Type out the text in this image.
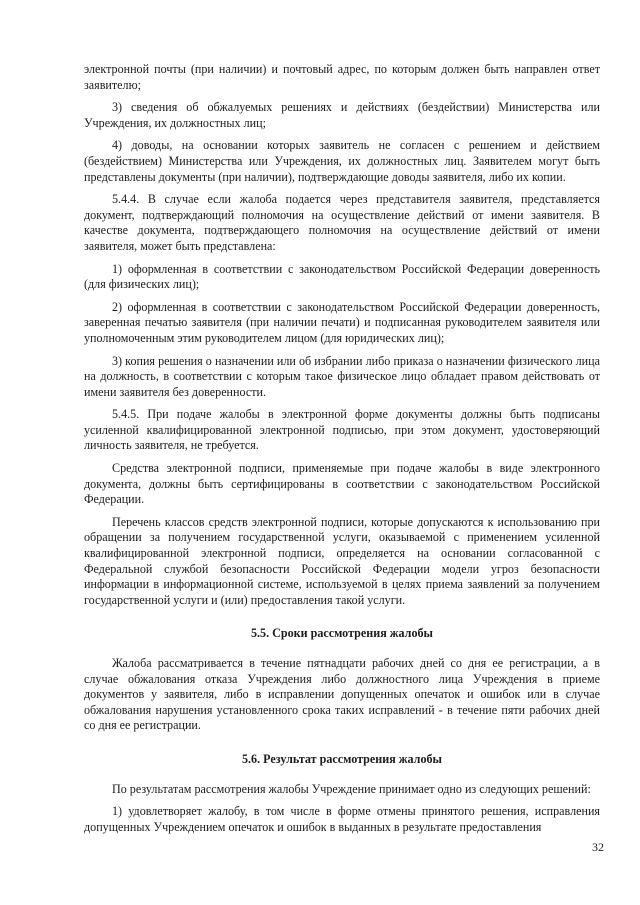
электронной почты (при наличии) и почтовый адрес, по которым должен быть направлен ответ заявителю;

3) сведения об обжалуемых решениях и действиях (бездействии) Министерства или Учреждения, их должностных лиц;

4) доводы, на основании которых заявитель не согласен с решением и действием (бездействием) Министерства или Учреждения, их должностных лиц. Заявителем могут быть представлены документы (при наличии), подтверждающие доводы заявителя, либо их копии.

5.4.4. В случае если жалоба подается через представителя заявителя, представляется документ, подтверждающий полномочия на осуществление действий от имени заявителя. В качестве документа, подтверждающего полномочия на осуществление действий от имени заявителя, может быть представлена:

1) оформленная в соответствии с законодательством Российской Федерации доверенность (для физических лиц);

2) оформленная в соответствии с законодательством Российской Федерации доверенность, заверенная печатью заявителя (при наличии печати) и подписанная руководителем заявителя или уполномоченным этим руководителем лицом (для юридических лиц);

3) копия решения о назначении или об избрании либо приказа о назначении физического лица на должность, в соответствии с которым такое физическое лицо обладает правом действовать от имени заявителя без доверенности.

5.4.5. При подаче жалобы в электронной форме документы должны быть подписаны усиленной квалифицированной электронной подписью, при этом документ, удостоверяющий личность заявителя, не требуется.

Средства электронной подписи, применяемые при подаче жалобы в виде электронного документа, должны быть сертифицированы в соответствии с законодательством Российской Федерации.

Перечень классов средств электронной подписи, которые допускаются к использованию при обращении за получением государственной услуги, оказываемой с применением усиленной квалифицированной электронной подписи, определяется на основании согласованной с Федеральной службой безопасности Российской Федерации модели угроз безопасности информации в информационной системе, используемой в целях приема заявлений за получением государственной услуги и (или) предоставления такой услуги.

5.5. Сроки рассмотрения жалобы

Жалоба рассматривается в течение пятнадцати рабочих дней со дня ее регистрации, а в случае обжалования отказа Учреждения либо должностного лица Учреждения в приеме документов у заявителя, либо в исправлении допущенных опечаток и ошибок или в случае обжалования нарушения установленного срока таких исправлений - в течение пяти рабочих дней со дня ее регистрации.

5.6. Результат рассмотрения жалобы

По результатам рассмотрения жалобы Учреждение принимает одно из следующих решений:

1) удовлетворяет жалобу, в том числе в форме отмены принятого решения, исправления допущенных Учреждением опечаток и ошибок в выданных в результате предоставления

32
